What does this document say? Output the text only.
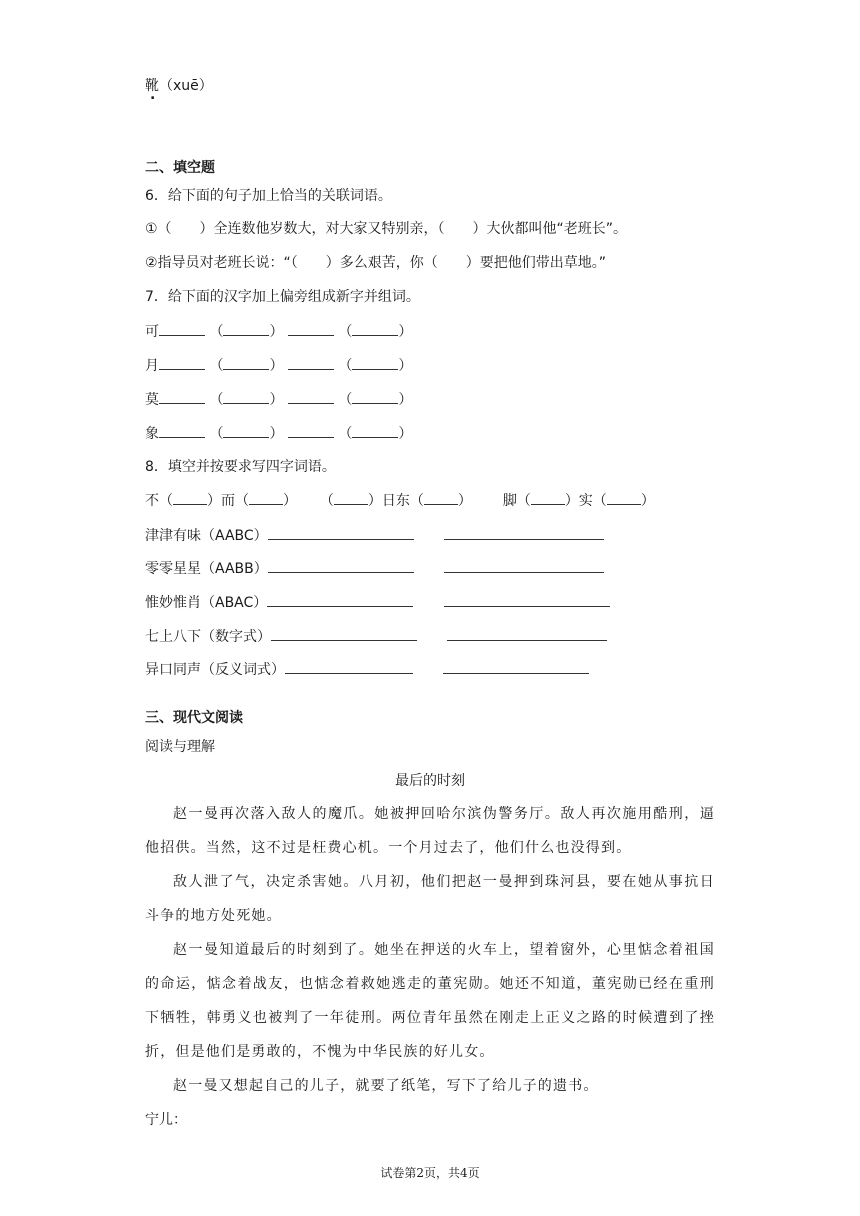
靴（xuē）
二、填空题
6．给下面的句子加上恰当的关联词语。
①（　　）全连数他岁数大，对大家又特别亲，（　　）大伙都叫他“老班长”。
②指导员对老班长说：“（　　）多么艰苦，你（　　）要把他们带出草地。”
7．给下面的汉字加上偏旁组成新字并组词。
可	（	）	（	）
月	（	）	（	）
莫	（	）	（	）
象	（	）	（	）
8．填空并按要求写四字词语。
不（ ）而（ ） （ ）日东（ ） 脚（ ）实（ ）
津津有味（AABC）
零零星星（AABB）
惟妙惟肖（ABAC）
七上八下（数字式）
异口同声（反义词式）
三、现代文阅读
阅读与理解
最后的时刻
赵一曼再次落入敌人的魔爪。她被押回哈尔滨伪警务厅。敌人再次施用酷刑，逼他招供。当然，这不过是枉费心机。一个月过去了，他们什么也没得到。
敌人泄了气，决定杀害她。八月初，他们把赵一曼押到珠河县，要在她从事抗日斗争的地方处死她。
赵一曼知道最后的时刻到了。她坐在押送的火车上，望着窗外，心里惦念着祖国的命运，惦念着战友，也惦念着救她逃走的董宪勋。她还不知道，董宪勋已经在重刑下牺牲，韩勇义也被判了一年徒刑。两位青年虽然在刚走上正义之路的时候遭到了挫折，但是他们是勇敢的，不愧为中华民族的好儿女。
赵一曼又想起自己的儿子，就要了纸笔，写下了给儿子的遗书。
宁儿：
试卷第2页，共4页
